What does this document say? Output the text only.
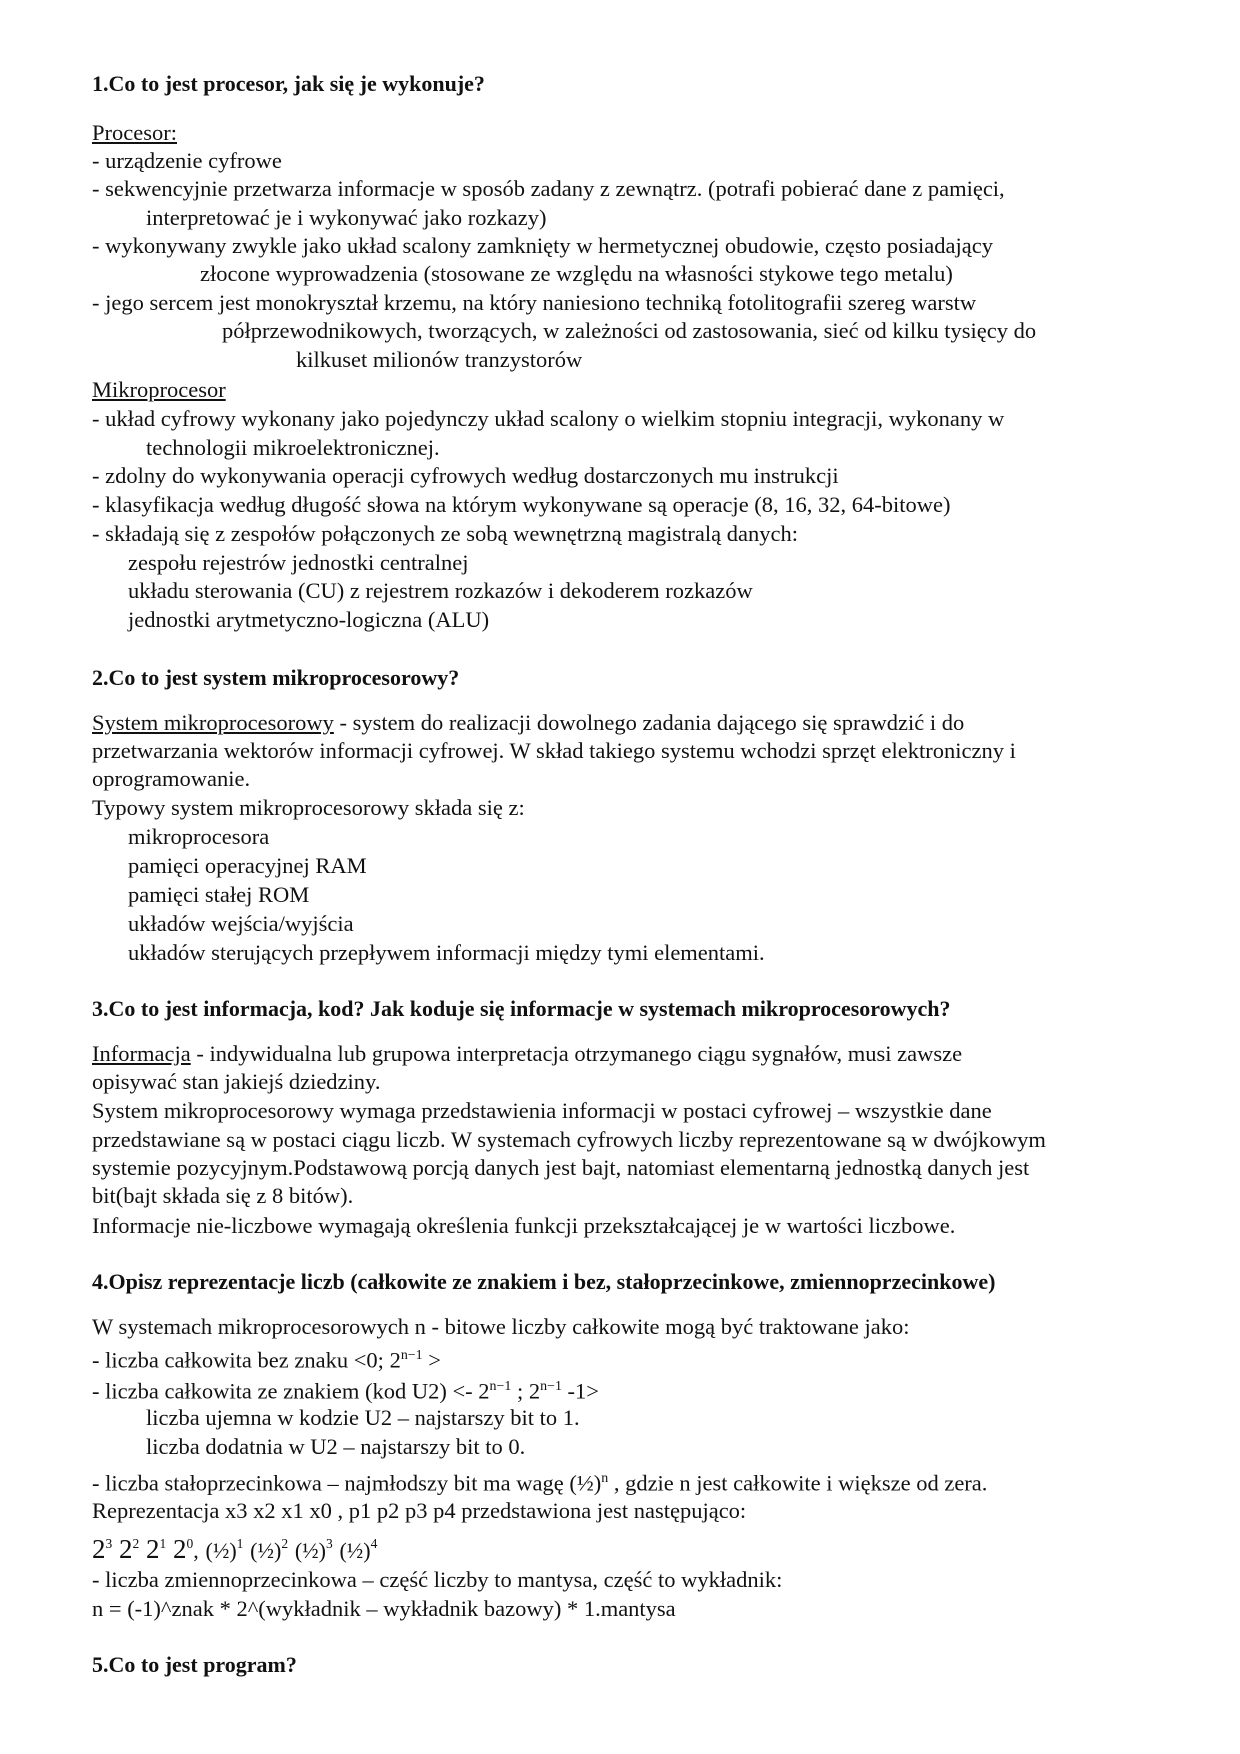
1.Co to jest procesor, jak się je wykonuje?
Procesor:
- urządzenie cyfrowe
- sekwencyjnie przetwarza informacje w sposób zadany z zewnątrz. (potrafi pobierać dane z pamięci,
interpretować je i wykonywać jako rozkazy)
- wykonywany zwykle jako układ scalony zamknięty w hermetycznej obudowie, często posiadający
złocone wyprowadzenia (stosowane ze względu na własności stykowe tego metalu)
- jego sercem jest monokryształ krzemu, na który naniesiono techniką fotolitografii szereg warstw
półprzewodnikowych, tworzących, w zależności od zastosowania, sieć od kilku tysięcy do
kilkuset milionów tranzystorów
Mikroprocesor
- układ cyfrowy wykonany jako pojedynczy układ scalony o wielkim stopniu integracji, wykonany w
technologii mikroelektronicznej.
- zdolny do wykonywania operacji cyfrowych według dostarczonych mu instrukcji
- klasyfikacja według długość słowa na którym wykonywane są operacje (8, 16, 32, 64-bitowe)
- składają się z zespołów połączonych ze sobą wewnętrzną magistralą danych:
zespołu rejestrów jednostki centralnej
układu sterowania (CU) z rejestrem rozkazów i dekoderem rozkazów
jednostki arytmetyczno-logiczna (ALU)
2.Co to jest system mikroprocesorowy?
System mikroprocesorowy - system do realizacji dowolnego zadania dającego się sprawdzić i do
przetwarzania wektorów informacji cyfrowej. W skład takiego systemu wchodzi sprzęt elektroniczny i
oprogramowanie.
Typowy system mikroprocesorowy składa się z:
mikroprocesora
pamięci operacyjnej RAM
pamięci stałej ROM
układów wejścia/wyjścia
układów sterujących przepływem informacji między tymi elementami.
3.Co to jest informacja, kod? Jak koduje się informacje w systemach mikroprocesorowych?
Informacja - indywidualna lub grupowa interpretacja otrzymanego ciągu sygnałów, musi zawsze
opisywać stan jakiejś dziedziny.
System mikroprocesorowy wymaga przedstawienia informacji w postaci cyfrowej – wszystkie dane
przedstawiane są w postaci ciągu liczb. W systemach cyfrowych liczby reprezentowane są w dwójkowym
systemie pozycyjnym.Podstawową porcją danych jest bajt, natomiast elementarną jednostką danych jest
bit(bajt składa się z 8 bitów).
Informacje nie-liczbowe wymagają określenia funkcji przekształcającej je w wartości liczbowe.
4.Opisz reprezentacje liczb (całkowite ze znakiem i bez, stałoprzecinkowe, zmiennoprzecinkowe)
W systemach mikroprocesorowych n - bitowe liczby całkowite mogą być traktowane jako:
- liczba całkowita bez znaku <0; $2^{n-1}$ >
- liczba całkowita ze znakiem (kod $U2) <- 2^{n-1}$ ; $2^{n-1}$ -1>
liczba ujemna w kodzie U2 – najstarszy bit to 1.
liczba dodatnia w U2 – najstarszy bit to 0.
- liczba stałoprzecinkowa – najmłodszy bit ma wagę (½)$^n$ , gdzie n jest całkowite i większe od zera.
Reprezentacja x3 x2 x1 x0 , p1 p2 p3 p4 przedstawiona jest następująco:
$2^3$ $2^2$ $2^1$ $2^0$, (½)$^1$ (½)$^2$ (½)$^3$ (½)$^4$
- liczba zmiennoprzecinkowa – część liczby to mantysa, część to wykładnik:
n = (-1)^znak * 2^(wykładnik – wykładnik bazowy) * 1.mantysa
5.Co to jest program?
